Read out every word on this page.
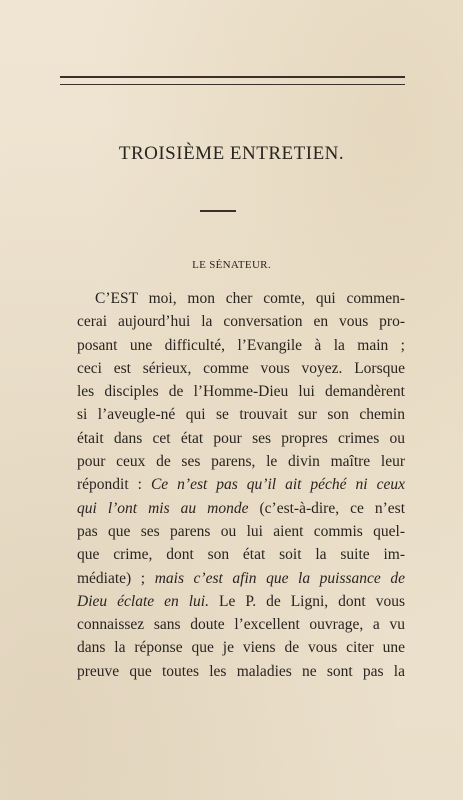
TROISIÈME ENTRETIEN.
LE SÉNATEUR.
C’EST moi, mon cher comte, qui commen-
cerai aujourd’hui la conversation en vous pro-
posant une difficulté, l’Evangile à la main ;
ceci est sérieux, comme vous voyez. Lorsque
les disciples de l’Homme-Dieu lui demandèrent
si l’aveugle-né qui se trouvait sur son chemin
était dans cet état pour ses propres crimes ou
pour ceux de ses parens, le divin maître leur
répondit : Ce n’est pas qu’il ait péché ni ceux
qui l’ont mis au monde (c’est-à-dire, ce n’est
pas que ses parens ou lui aient commis quel-
que crime, dont son état soit la suite im-
médiate) ; mais c’est afin que la puissance de
Dieu éclate en lui. Le P. de Ligni, dont vous
connaissez sans doute l’excellent ouvrage, a vu
dans la réponse que je viens de vous citer une
preuve que toutes les maladies ne sont pas la
